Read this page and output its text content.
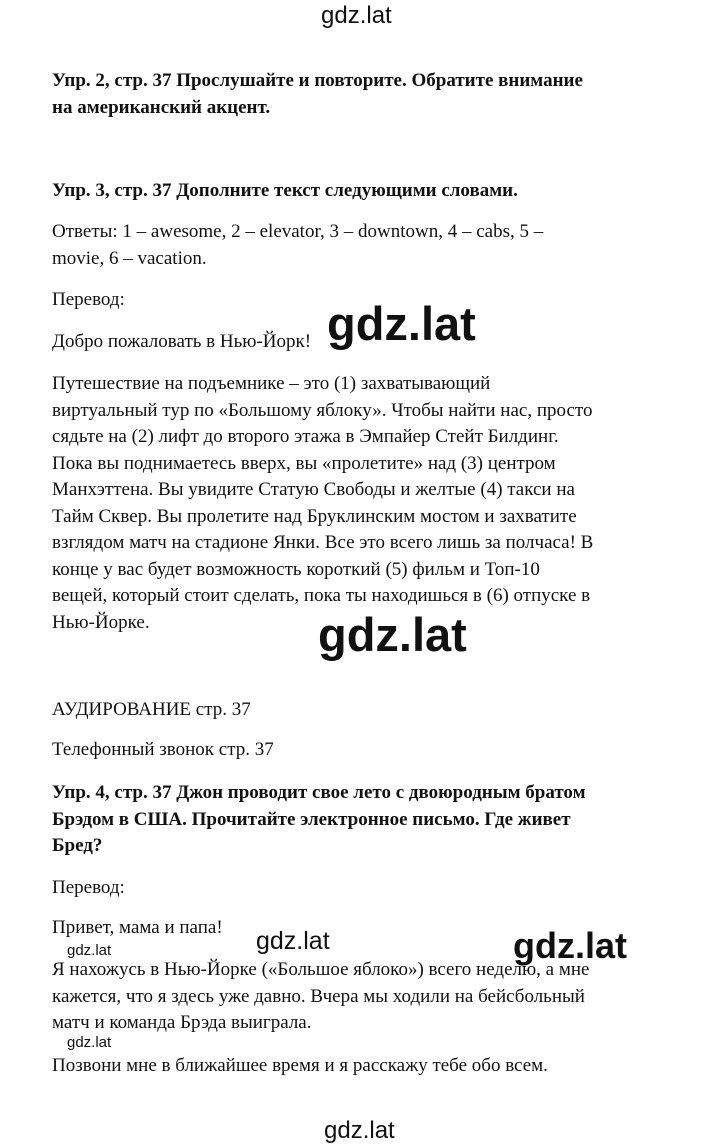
Упр. 2, стр. 37 Прослушайте и повторите. Обратите внимание
на американский акцент.
Упр. 3, стр. 37 Дополните текст следующими словами.
Ответы: 1 – awesome, 2 – elevator, 3 – downtown, 4 – cabs, 5 –
movie, 6 – vacation.
Перевод:
Добро пожаловать в Нью-Йорк!
Путешествие на подъемнике – это (1) захватывающий
виртуальный тур по «Большому яблоку». Чтобы найти нас, просто
сядьте на (2) лифт до второго этажа в Эмпайер Стейт Билдинг.
Пока вы поднимаетесь вверх, вы «пролетите» над (3) центром
Манхэттена. Вы увидите Статую Свободы и желтые (4) такси на
Тайм Сквер. Вы пролетите над Бруклинским мостом и захватите
взглядом матч на стадионе Янки. Все это всего лишь за полчаса! В
конце у вас будет возможность короткий (5) фильм и Топ-10
вещей, который стоит сделать, пока ты находишься в (6) отпуске в
Нью-Йорке.
АУДИРОВАНИЕ стр. 37
Телефонный звонок стр. 37
Упр. 4, стр. 37 Джон проводит свое лето с двоюродным братом
Брэдом в США. Прочитайте электронное письмо. Где живет
Бред?
Перевод:
Привет, мама и папа!
Я нахожусь в Нью-Йорке («Большое яблоко») всего неделю, а мне
кажется, что я здесь уже давно. Вчера мы ходили на бейсбольный
матч и команда Брэда выиграла.
Позвони мне в ближайшее время и я расскажу тебе обо всем.
gdz.lat
gdz.lat
gdz.lat
gdz.lat	gdz.lat
gdz.lat
gdz.lat
gdz.lat
